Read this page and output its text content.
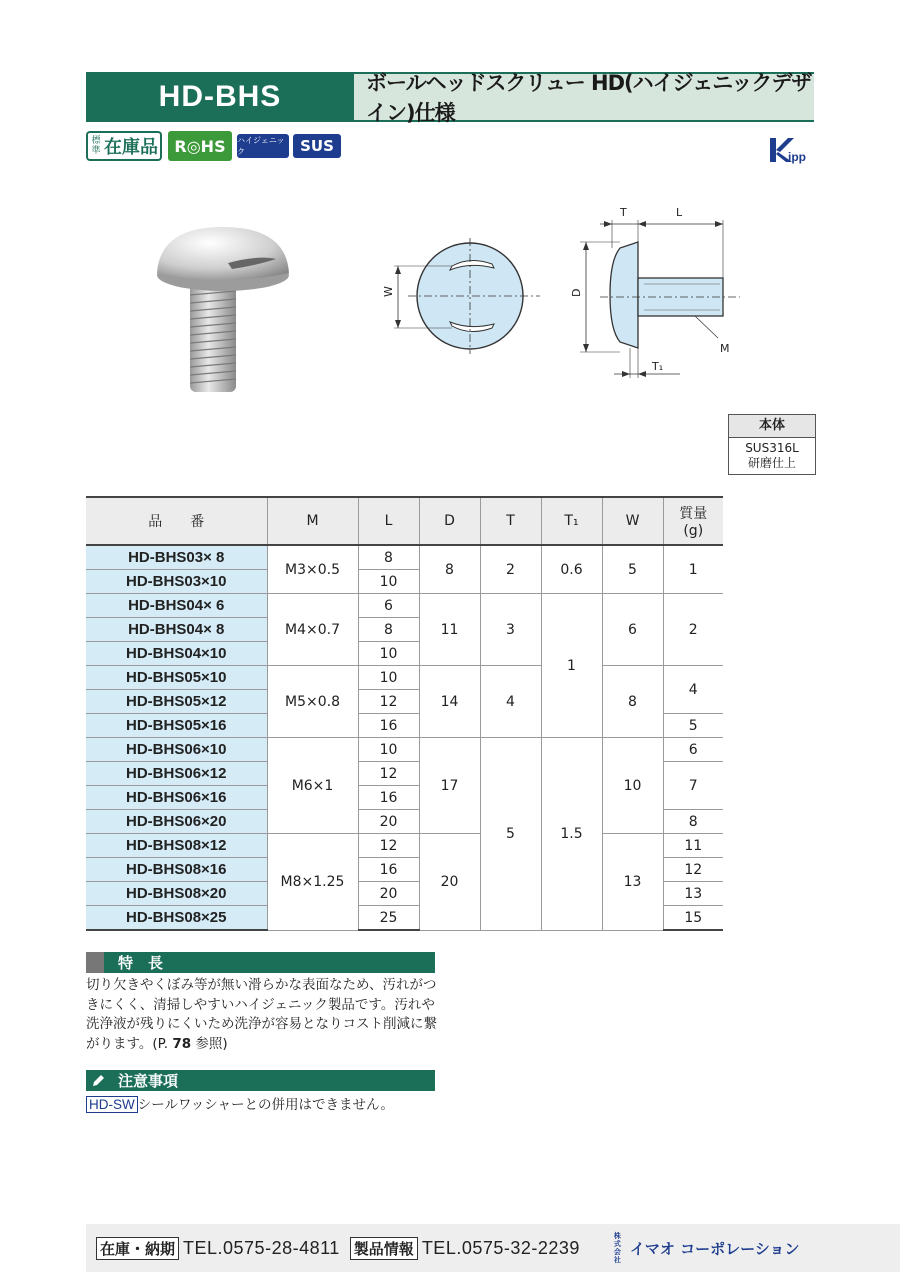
HD-BHS	ボールヘッドスクリュー HD(ハイジェニックデザイン)仕様
標準 在庫品	R◎HS	ハイジェニック	SUS
ipp
W
T	L
D
T₁
M
本体
SUS316L
研磨仕上
品　　番	M	L	D	T	T₁	W	質量
(g)

HD-BHS03× 8	M3×0.5	8	8	2	0.6	5	1
HD-BHS03×10		10					
HD-BHS04× 6	M4×0.7	6	11	3	1	6	2
HD-BHS04× 8		8					
HD-BHS04×10		10					
HD-BHS05×10	M5×0.8	10	14	4		8	4
HD-BHS05×12		12					
HD-BHS05×16		16					5
HD-BHS06×10	M6×1	10	17	5	1.5	10	6
HD-BHS06×12		12					7
HD-BHS06×16		16					
HD-BHS06×20		20					8
HD-BHS08×12	M8×1.25	12	20			13	11
HD-BHS08×16		16					12
HD-BHS08×20		20					13
HD-BHS08×25		25					15
特　長
切り欠きやくぼみ等が無い滑らかな表面なため、汚れがつきにくく、清掃しやすいハイジェニック製品です。汚れや洗浄液が残りにくいため洗浄が容易となりコスト削減に繋がります。(P. 78 参照)
注意事項
HD-SW シールワッシャーとの併用はできません。
在庫・納期 TEL.0575-28-4811 製品情報 TEL.0575-32-2239
株式会社
イマオ コーポレーション
